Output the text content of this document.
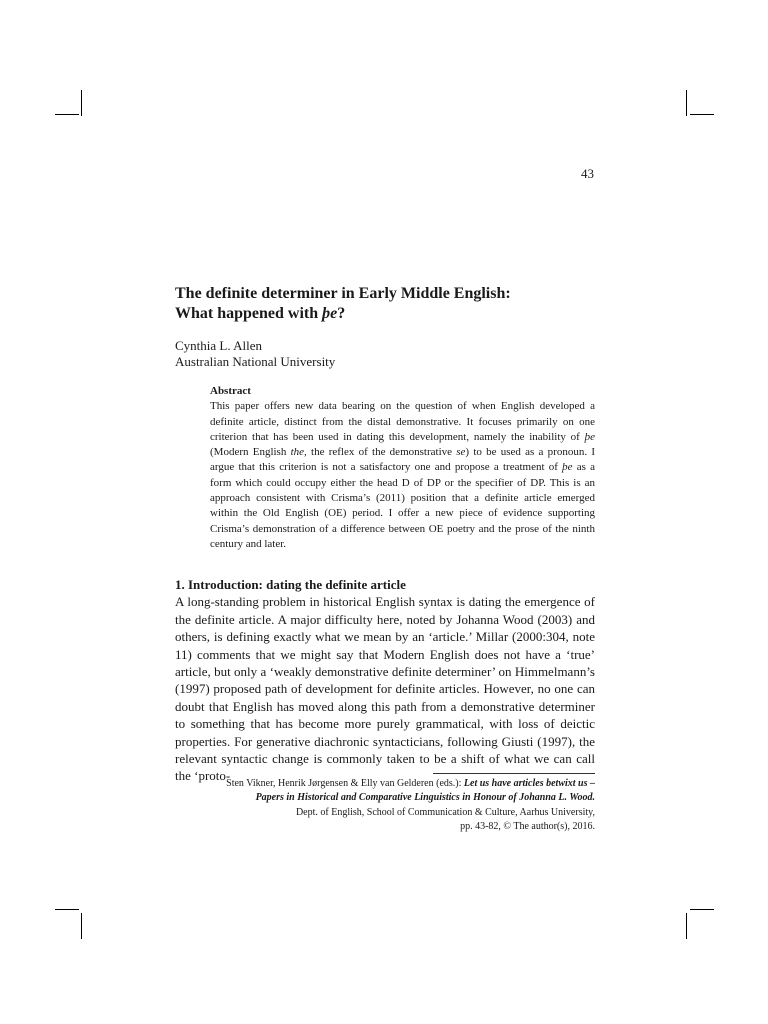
43
The definite determiner in Early Middle English:
What happened with þe?
Cynthia L. Allen
Australian National University
Abstract
This paper offers new data bearing on the question of when English developed a definite article, distinct from the distal demonstrative. It focuses primarily on one criterion that has been used in dating this development, namely the inability of þe (Modern English the, the reflex of the demonstrative se) to be used as a pronoun. I argue that this criterion is not a satisfactory one and propose a treatment of þe as a form which could occupy either the head D of DP or the specifier of DP. This is an approach consistent with Crisma’s (2011) position that a definite article emerged within the Old English (OE) period. I offer a new piece of evidence supporting Crisma’s demonstration of a difference between OE poetry and the prose of the ninth century and later.
1. Introduction: dating the definite article
A long-standing problem in historical English syntax is dating the emergence of the definite article. A major difficulty here, noted by Johanna Wood (2003) and others, is defining exactly what we mean by an ‘article.’ Millar (2000:304, note 11) comments that we might say that Modern English does not have a ‘true’ article, but only a ‘weakly demonstrative definite determiner’ on Himmelmann’s (1997) proposed path of development for definite articles. However, no one can doubt that English has moved along this path from a demonstrative determiner to something that has become more purely grammatical, with loss of deictic properties. For generative diachronic syntacticians, following Giusti (1997), the relevant syntactic change is commonly taken to be a shift of what we can call the ‘proto-
Sten Vikner, Henrik Jørgensen & Elly van Gelderen (eds.): Let us have articles betwixt us –
Papers in Historical and Comparative Linguistics in Honour of Johanna L. Wood.
Dept. of English, School of Communication & Culture, Aarhus University,
pp. 43-82, © The author(s), 2016.
